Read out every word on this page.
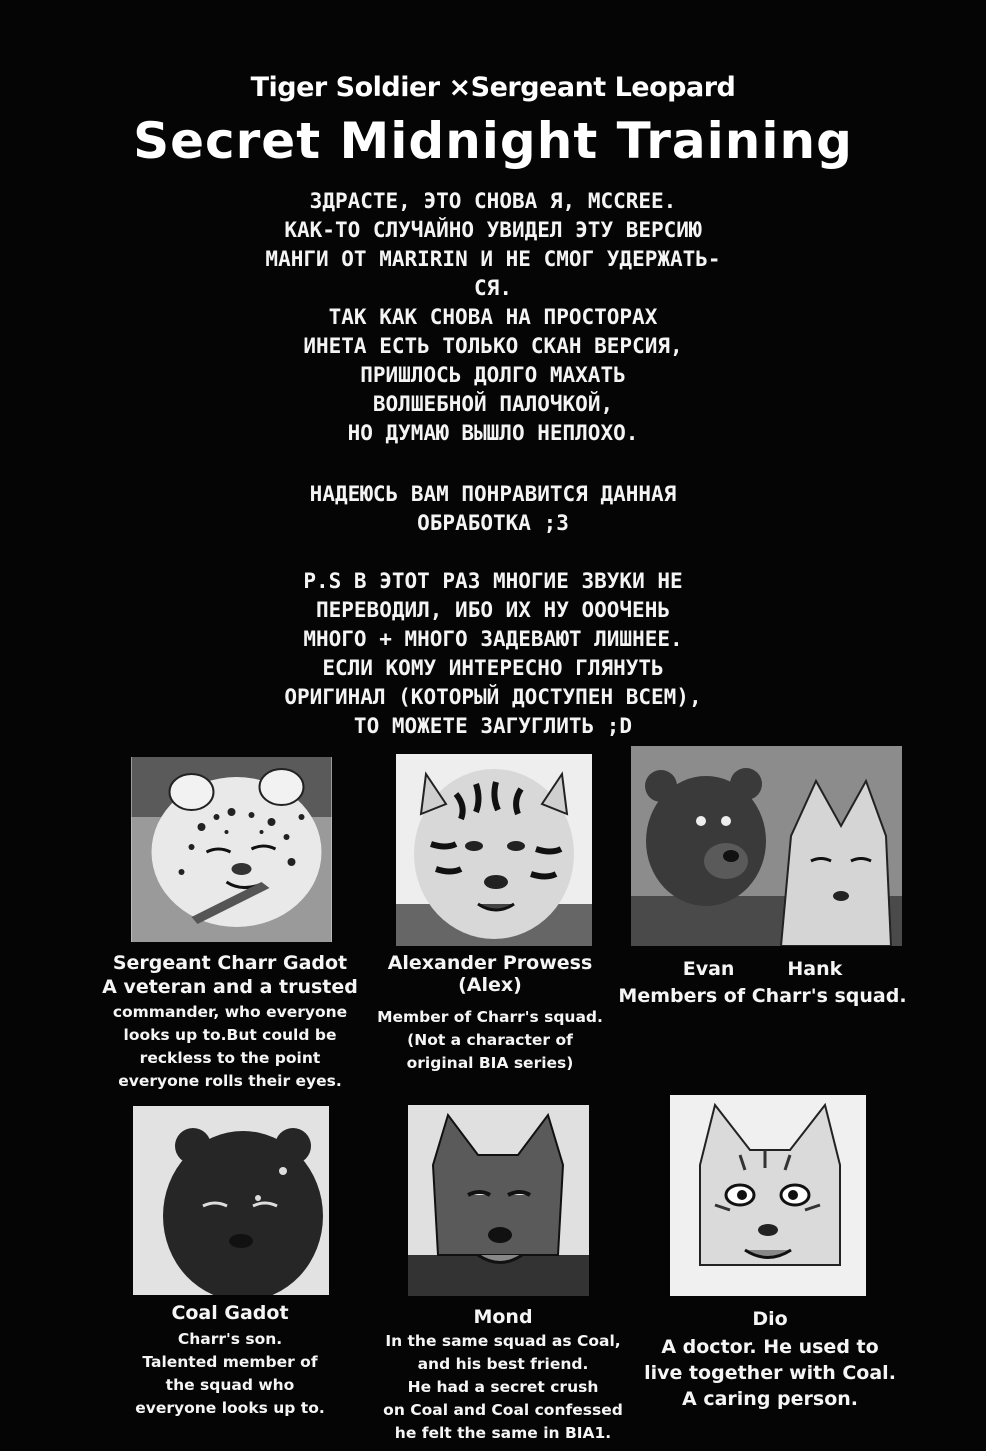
Tiger Soldier ×Sergeant Leopard
Secret Midnight Training

ЗДРАСТЕ, ЭТО СНОВА Я, MCCREE.

КАК-ТО СЛУЧАЙНО УВИДЕЛ ЭТУ ВЕРСИЮ

МАНГИ ОТ MARIRIN И НЕ СМОГ УДЕРЖАТЬ-

СЯ.

ТАК КАК СНОВА НА ПРОСТОРАХ

ИНЕТА ЕСТЬ ТОЛЬКО СКАН ВЕРСИЯ,

ПРИШЛОСЬ ДОЛГО МАХАТЬ

ВОЛШЕБНОЙ ПАЛОЧКОЙ,

НО ДУМАЮ ВЫШЛО НЕПЛОХО.

НАДЕЮСЬ ВАМ ПОНРАВИТСЯ ДАННАЯ

ОБРАБОТКА ;3

P.S В ЭТОТ РАЗ МНОГИЕ ЗВУКИ НЕ

ПЕРЕВОДИЛ, ИБО ИХ НУ ОООЧЕНЬ

МНОГО + МНОГО ЗАДЕВАЮТ ЛИШНЕЕ.

ЕСЛИ КОМУ ИНТЕРЕСНО ГЛЯНУТЬ

ОРИГИНАЛ (КОТОРЫЙ ДОСТУПЕН ВСЕМ),

ТО МОЖЕТЕ ЗАГУГЛИТЬ ;D

Sergeant Charr Gadot
A veteran and a trusted
commander, who everyone
looks up to.But could be
reckless to the point
everyone rolls their eyes.
Alexander Prowess
(Alex)
Member of Charr's squad.
(Not a character of
original BIA series)
Evan        Hank
Members of Charr's squad.
Coal Gadot
Charr's son.
Talented member of
the squad who
everyone looks up to.
Mond
In the same squad as Coal,
and his best friend.
He had a secret crush
on Coal and Coal confessed
he felt the same in BIA1.
Dio
A doctor. He used to
live together with Coal.
A caring person.
